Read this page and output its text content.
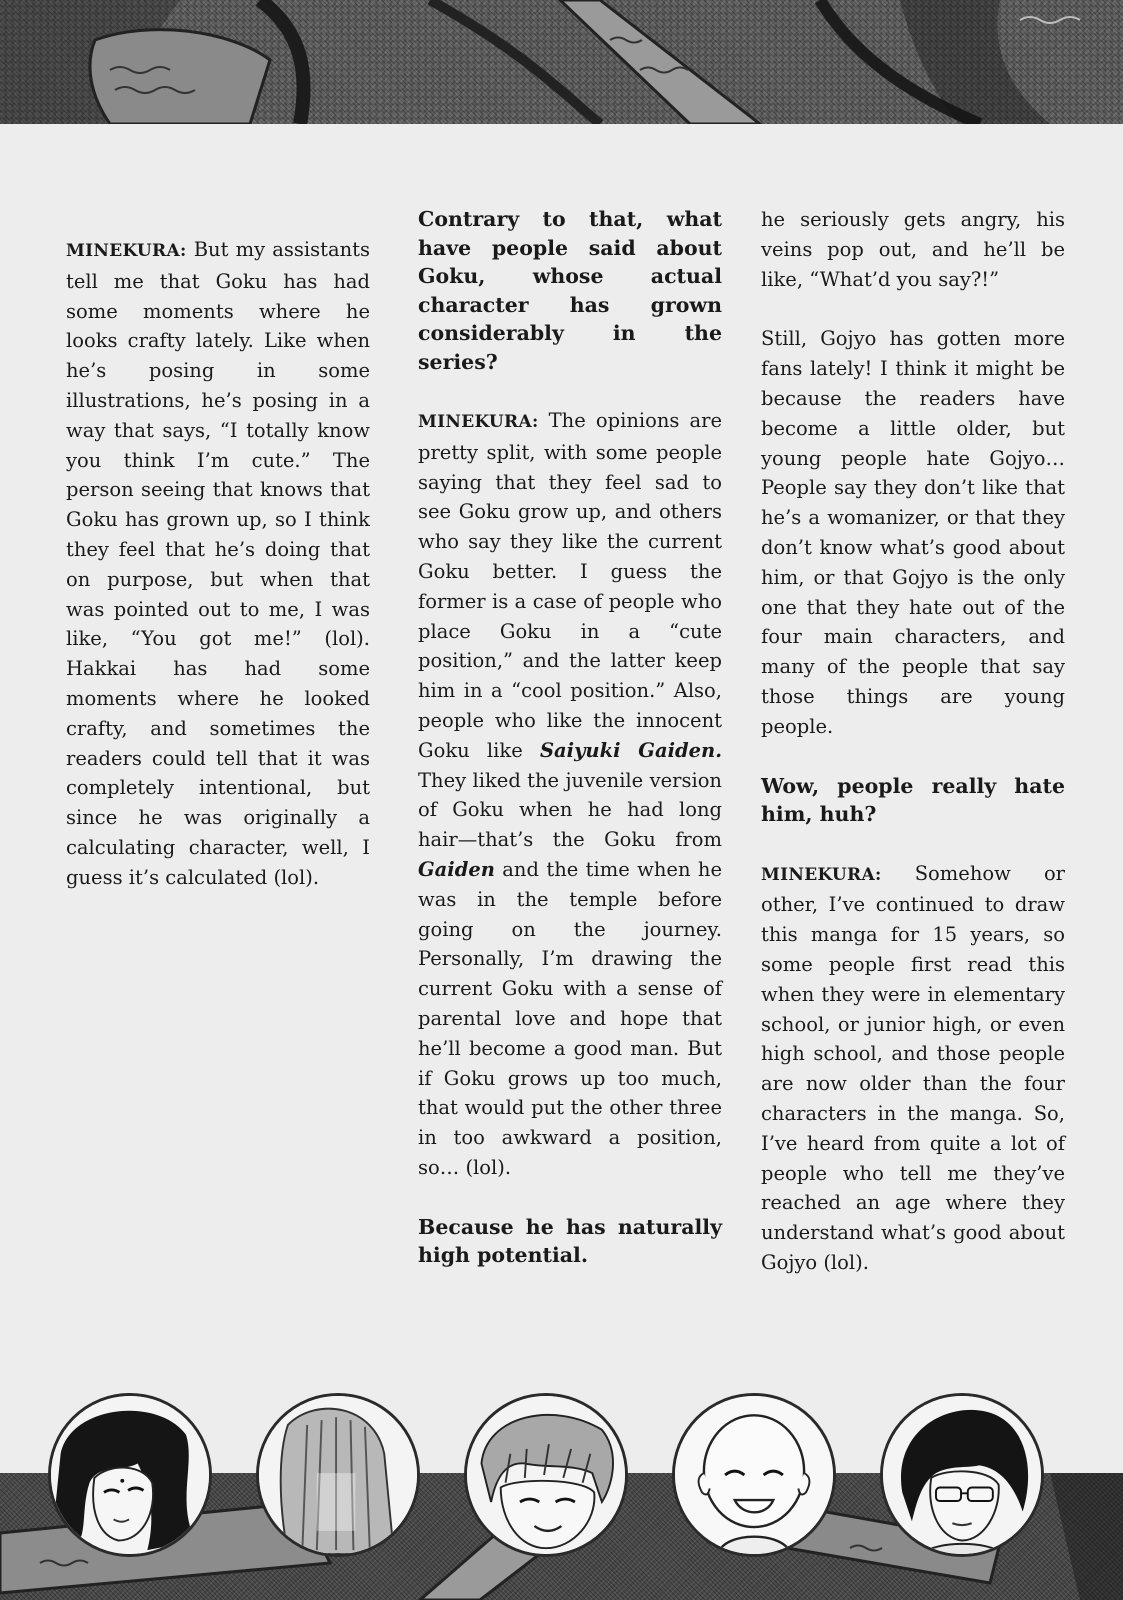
MINEKURA: But my assistants tell me that Goku has had some moments where he looks crafty lately. Like when he’s posing in some illustrations, he’s posing in a way that says, “I totally know you think I’m cute.” The person seeing that knows that Goku has grown up, so I think they feel that he’s doing that on purpose, but when that was pointed out to me, I was like, “You got me!” (lol). Hakkai has had some moments where he looked crafty, and sometimes the readers could tell that it was completely intentional, but since he was originally a calculating character, well, I guess it’s calculated (lol).

Contrary to that, what have people said about Goku, whose actual character has grown considerably in the series?

MINEKURA: The opinions are pretty split, with some people saying that they feel sad to see Goku grow up, and others who say they like the current Goku better. I guess the former is a case of people who place Goku in a “cute position,” and the latter keep him in a “cool position.” Also, people who like the innocent Goku like Saiyuki Gaiden. They liked the juvenile version of Goku when he had long hair—that’s the Goku from Gaiden and the time when he was in the temple before going on the journey. Personally, I’m drawing the current Goku with a sense of parental love and hope that he’ll become a good man. But if Goku grows up too much, that would put the other three in too awkward a position, so… (lol).

Because he has naturally high potential.

he seriously gets angry, his veins pop out, and he’ll be like, “What’d you say?!”

Still, Gojyo has gotten more fans lately! I think it might be because the readers have become a little older, but young people hate Gojyo… People say they don’t like that he’s a womanizer, or that they don’t know what’s good about him, or that Gojyo is the only one that they hate out of the four main characters, and many of the people that say those things are young people.

Wow, people really hate him, huh?

MINEKURA: Somehow or other, I’ve continued to draw this manga for 15 years, so some people first read this when they were in elementary school, or junior high, or even high school, and those people are now older than the four characters in the manga. So, I’ve heard from quite a lot of people who tell me they’ve reached an age where they understand what’s good about Gojyo (lol).
